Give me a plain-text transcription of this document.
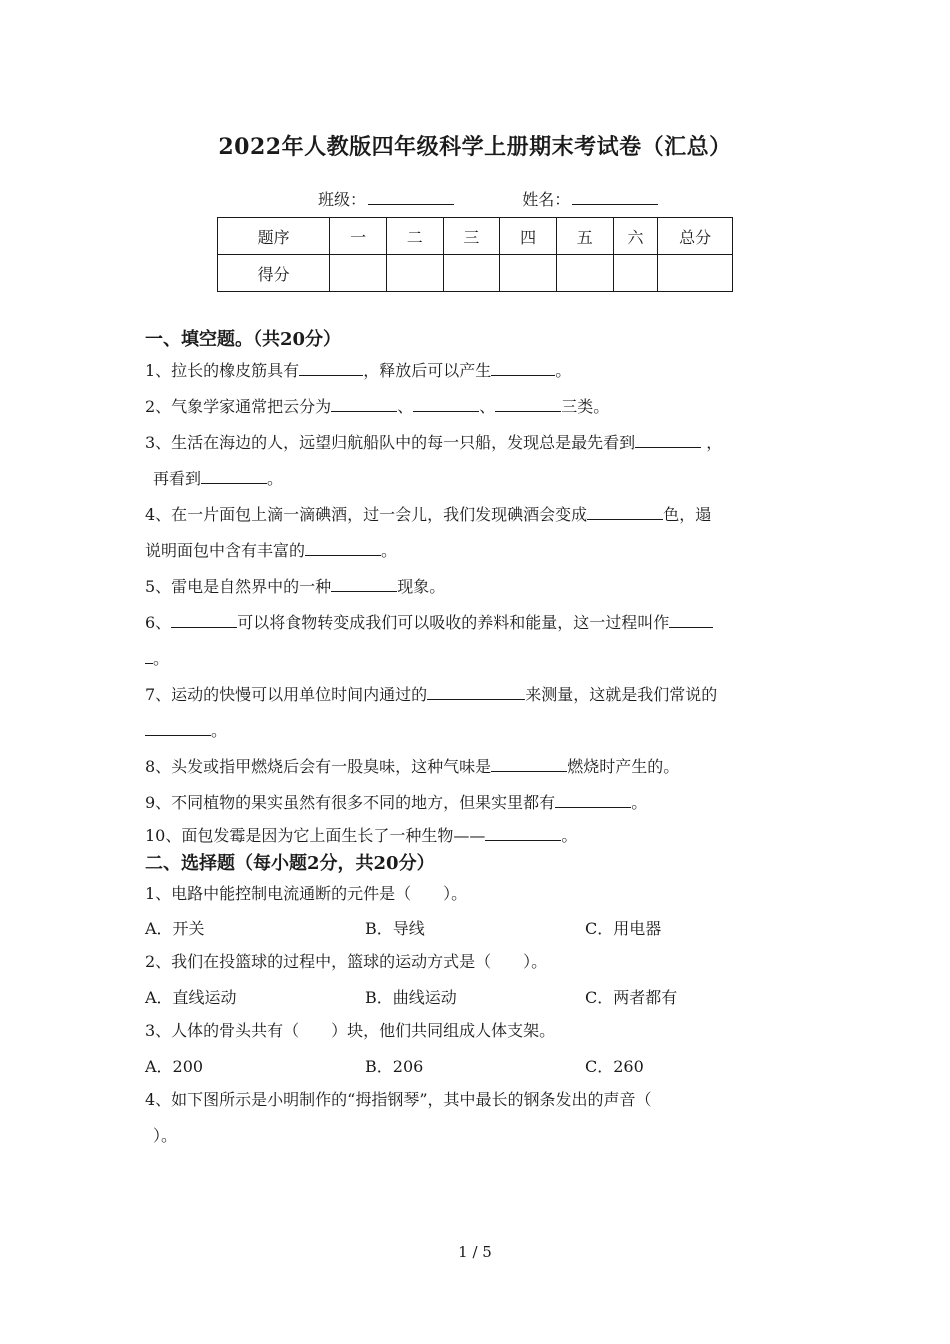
2022年人教版四年级科学上册期末考试卷（汇总）
班级：	姓名：
题序	一	二	三	四	五	六	总分
得分							
一、填空题。（共20分）
1、拉长的橡皮筋具有	，释放后可以产生	。
2、气象学家通常把云分为	、	、	三类。
3、生活在海边的人，远望归航船队中的每一只船，发现总是最先看到	，
再看到	。
4、在一片面包上滴一滴碘酒，过一会儿，我们发现碘酒会变成	色，遢
说明面包中含有丰富的	。
5、雷电是自然界中的一种	现象。
6、	可以将食物转变成我们可以吸收的养料和能量，这一过程叫作
。
7、运动的快慢可以用单位时间内通过的	来测量，这就是我们常说的
。
8、头发或指甲燃烧后会有一股臭味，这种气味是	燃烧时产生的。
9、不同植物的果实虽然有很多不同的地方，但果实里都有	。
10、面包发霉是因为它上面生长了一种生物——	。
二、选择题（每小题2分，共20分）
1、电路中能控制电流通断的元件是（　　）。
A．开关	B．导线	C．用电器
2、我们在投篮球的过程中，篮球的运动方式是（　　）。
A．直线运动	B．曲线运动	C．两者都有
3、人体的骨头共有（　　）块，他们共同组成人体支架。
A．200	B．206	C．260
4、如下图所示是小明制作的“拇指钢琴”，其中最长的钢条发出的声音（
）。
1 / 5
